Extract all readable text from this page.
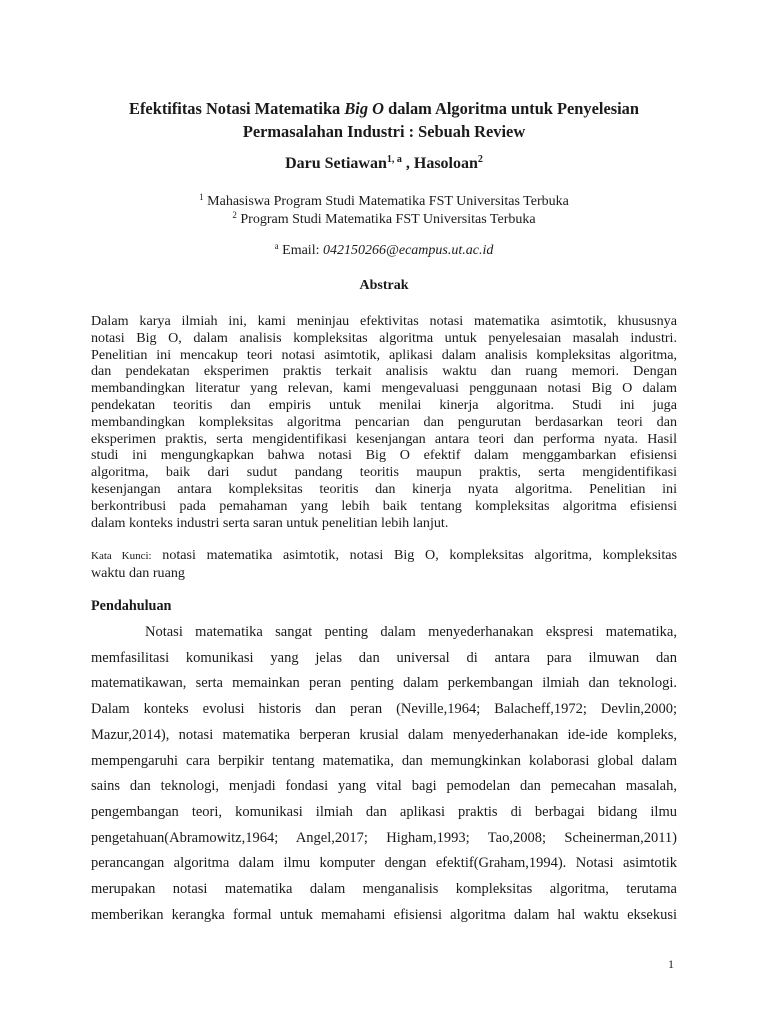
Efektifitas Notasi Matematika Big O dalam Algoritma untuk Penyelesian
Permasalahan Industri : Sebuah Review
Daru Setiawan$^{1, a}$ , Hasoloan$^2$
$^1$ Mahasiswa Program Studi Matematika FST Universitas Terbuka
$^2$ Program Studi Matematika FST Universitas Terbuka
$^a$ Email: 042150266@ecampus.ut.ac.id
Abstrak
Dalam karya ilmiah ini, kami meninjau efektivitas notasi matematika asimtotik, khususnya
notasi Big O, dalam analisis kompleksitas algoritma untuk penyelesaian masalah industri.
Penelitian ini mencakup teori notasi asimtotik, aplikasi dalam analisis kompleksitas algoritma,
dan pendekatan eksperimen praktis terkait analisis waktu dan ruang memori. Dengan
membandingkan literatur yang relevan, kami mengevaluasi penggunaan notasi Big O dalam
pendekatan teoritis dan empiris untuk menilai kinerja algoritma. Studi ini juga
membandingkan kompleksitas algoritma pencarian dan pengurutan berdasarkan teori dan
eksperimen praktis, serta mengidentifikasi kesenjangan antara teori dan performa nyata. Hasil
studi ini mengungkapkan bahwa notasi Big O efektif dalam menggambarkan efisiensi
algoritma, baik dari sudut pandang teoritis maupun praktis, serta mengidentifikasi
kesenjangan antara kompleksitas teoritis dan kinerja nyata algoritma. Penelitian ini
berkontribusi pada pemahaman yang lebih baik tentang kompleksitas algoritma efisiensi
dalam konteks industri serta saran untuk penelitian lebih lanjut.
Kata Kunci: notasi matematika asimtotik, notasi Big O, kompleksitas algoritma, kompleksitas
waktu dan ruang
Pendahuluan
Notasi matematika sangat penting dalam menyederhanakan ekspresi matematika,
memfasilitasi komunikasi yang jelas dan universal di antara para ilmuwan dan
matematikawan, serta memainkan peran penting dalam perkembangan ilmiah dan teknologi.
Dalam konteks evolusi historis dan peran (Neville,1964; Balacheff,1972; Devlin,2000;
Mazur,2014), notasi matematika berperan krusial dalam menyederhanakan ide-ide kompleks,
mempengaruhi cara berpikir tentang matematika, dan memungkinkan kolaborasi global dalam
sains dan teknologi, menjadi fondasi yang vital bagi pemodelan dan pemecahan masalah,
pengembangan teori, komunikasi ilmiah dan aplikasi praktis di berbagai bidang ilmu
pengetahuan(Abramowitz,1964; Angel,2017; Higham,1993; Tao,2008; Scheinerman,2011)
perancangan algoritma dalam ilmu komputer dengan efektif(Graham,1994). Notasi asimtotik
merupakan notasi matematika dalam menganalisis kompleksitas algoritma, terutama
memberikan kerangka formal untuk memahami efisiensi algoritma dalam hal waktu eksekusi
1
